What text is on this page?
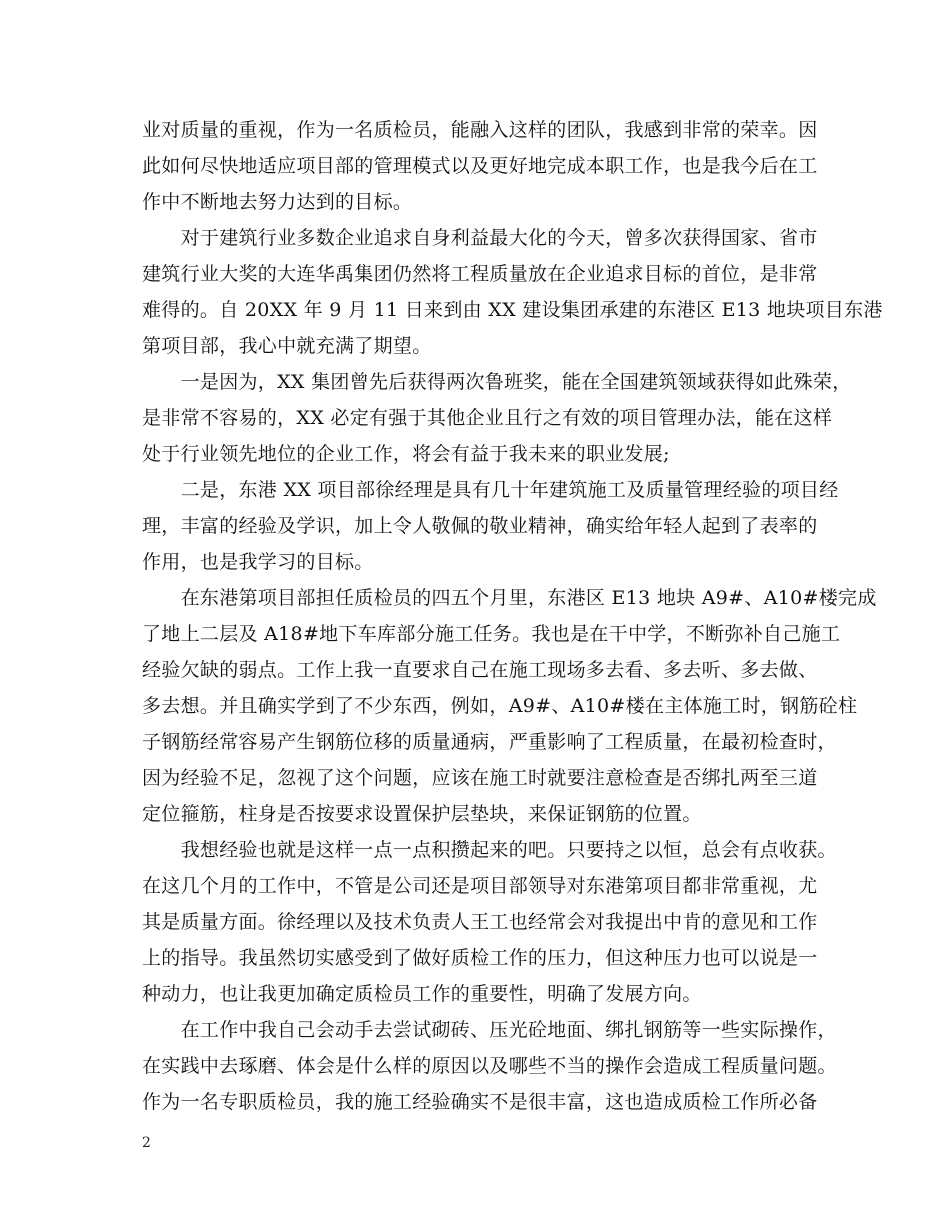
业对质量的重视，作为一名质检员，能融入这样的团队，我感到非常的荣幸。因
此如何尽快地适应项目部的管理模式以及更好地完成本职工作，也是我今后在工
作中不断地去努力达到的目标。
　　对于建筑行业多数企业追求自身利益最大化的今天，曾多次获得国家、省市
建筑行业大奖的大连华禹集团仍然将工程质量放在企业追求目标的首位，是非常
难得的。自 20XX 年 9 月 11 日来到由 XX 建设集团承建的东港区 E13 地块项目东港
第项目部，我心中就充满了期望。
　　一是因为，XX 集团曾先后获得两次鲁班奖，能在全国建筑领域获得如此殊荣，
是非常不容易的，XX 必定有强于其他企业且行之有效的项目管理办法，能在这样
处于行业领先地位的企业工作，将会有益于我未来的职业发展;
　　二是，东港 XX 项目部徐经理是具有几十年建筑施工及质量管理经验的项目经
理，丰富的经验及学识，加上令人敬佩的敬业精神，确实给年轻人起到了表率的
作用，也是我学习的目标。
　　在东港第项目部担任质检员的四五个月里，东港区 E13 地块 A9#、A10#楼完成
了地上二层及 A18#地下车库部分施工任务。我也是在干中学，不断弥补自己施工
经验欠缺的弱点。工作上我一直要求自己在施工现场多去看、多去听、多去做、
多去想。并且确实学到了不少东西，例如，A9#、A10#楼在主体施工时，钢筋砼柱
子钢筋经常容易产生钢筋位移的质量通病，严重影响了工程质量，在最初检查时，
因为经验不足，忽视了这个问题，应该在施工时就要注意检查是否绑扎两至三道
定位箍筋，柱身是否按要求设置保护层垫块，来保证钢筋的位置。
　　我想经验也就是这样一点一点积攒起来的吧。只要持之以恒，总会有点收获。
在这几个月的工作中，不管是公司还是项目部领导对东港第项目都非常重视，尤
其是质量方面。徐经理以及技术负责人王工也经常会对我提出中肯的意见和工作
上的指导。我虽然切实感受到了做好质检工作的压力，但这种压力也可以说是一
种动力，也让我更加确定质检员工作的重要性，明确了发展方向。
　　在工作中我自己会动手去尝试砌砖、压光砼地面、绑扎钢筋等一些实际操作，
在实践中去琢磨、体会是什么样的原因以及哪些不当的操作会造成工程质量问题。
作为一名专职质检员，我的施工经验确实不是很丰富，这也造成质检工作所必备
2
